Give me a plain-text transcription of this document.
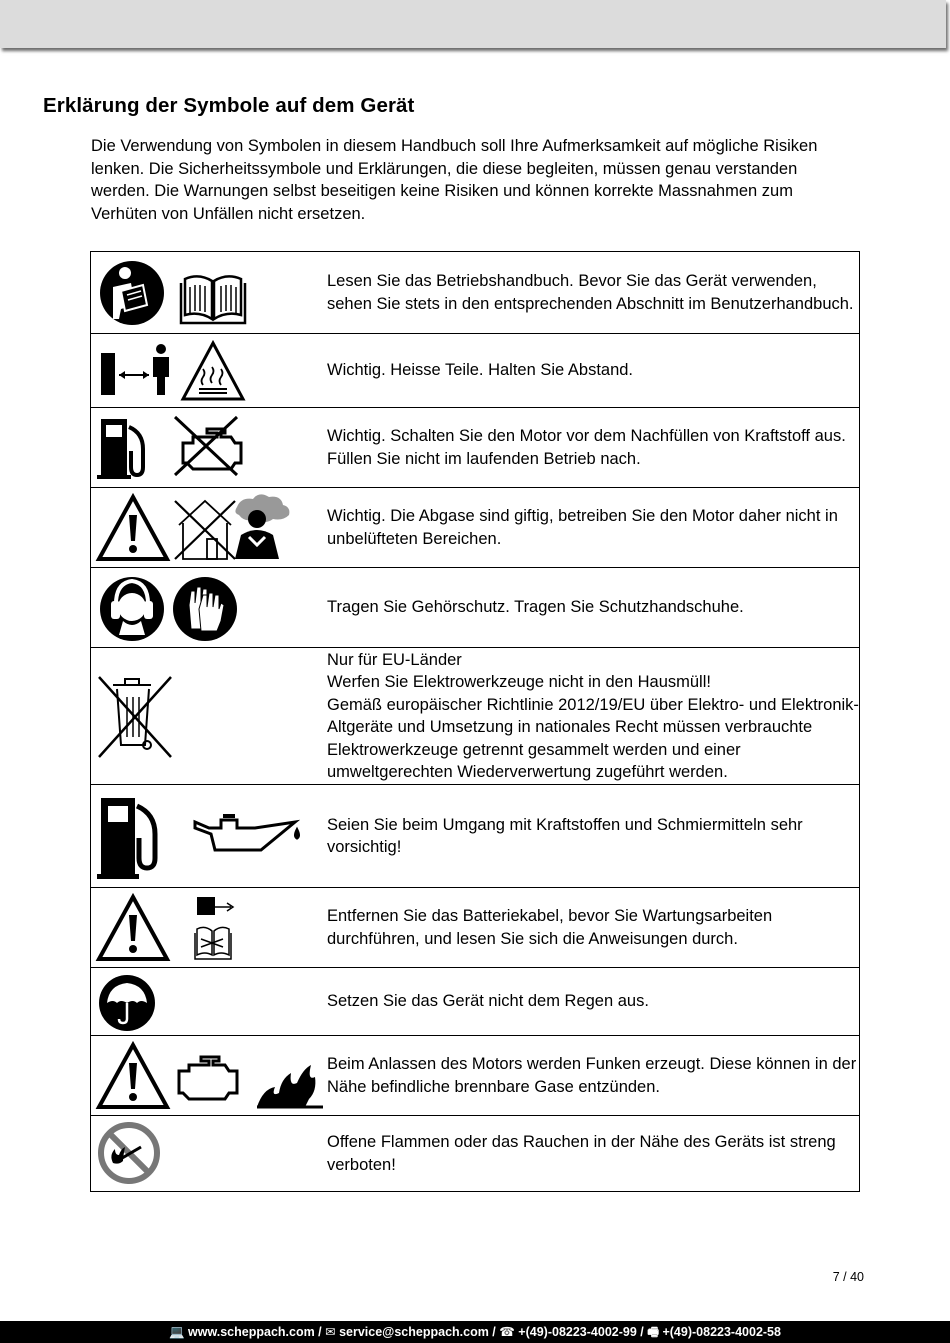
Erklärung der Symbole auf dem Gerät

Die Verwendung von Symbolen in diesem Handbuch soll Ihre Aufmerksamkeit auf mögliche Risiken lenken. Die Sicherheitssymbole und Erklärungen, die diese begleiten, müssen genau verstanden werden. Die Warnungen selbst beseitigen keine Risiken und können korrekte Massnahmen zum Verhüten von Unfällen nicht ersetzen.

Lesen Sie das Betriebshandbuch. Bevor Sie das Gerät verwenden, sehen Sie stets in den entsprechenden Abschnitt im Benutzerhandbuch.

Wichtig. Heisse Teile. Halten Sie Abstand.

Wichtig. Schalten Sie den Motor vor dem Nachfüllen von Kraftstoff aus. Füllen Sie nicht im laufenden Betrieb nach.

Wichtig. Die Abgase sind giftig, betreiben Sie den Motor daher nicht in unbelüfteten Bereichen.

Tragen Sie Gehörschutz. Tragen Sie Schutzhandschuhe.

Nur für EU-Länder
Werfen Sie Elektrowerkzeuge nicht in den Hausmüll!
Gemäß europäischer Richtlinie 2012/19/EU über Elektro- und Elektronik-Altgeräte und Umsetzung in nationales Recht müssen verbrauchte Elektrowerkzeuge getrennt gesammelt werden und einer umweltgerechten Wiederverwertung zugeführt werden.

Seien Sie beim Umgang mit Kraftstoffen und Schmiermitteln sehr vorsichtig!

Entfernen Sie das Batteriekabel, bevor Sie Wartungsarbeiten durchführen, und lesen Sie sich die Anweisungen durch.

Setzen Sie das Gerät nicht dem Regen aus.

Beim Anlassen des Motors werden Funken erzeugt. Diese können in der Nähe befindliche brennbare Gase entzünden.

Offene Flammen oder das Rauchen in der Nähe des Geräts ist streng verboten!
7 / 40
💻 www.scheppach.com / ✉ service@scheppach.com / ☎ +(49)-08223-4002-99 / 🖷 +(49)-08223-4002-58
